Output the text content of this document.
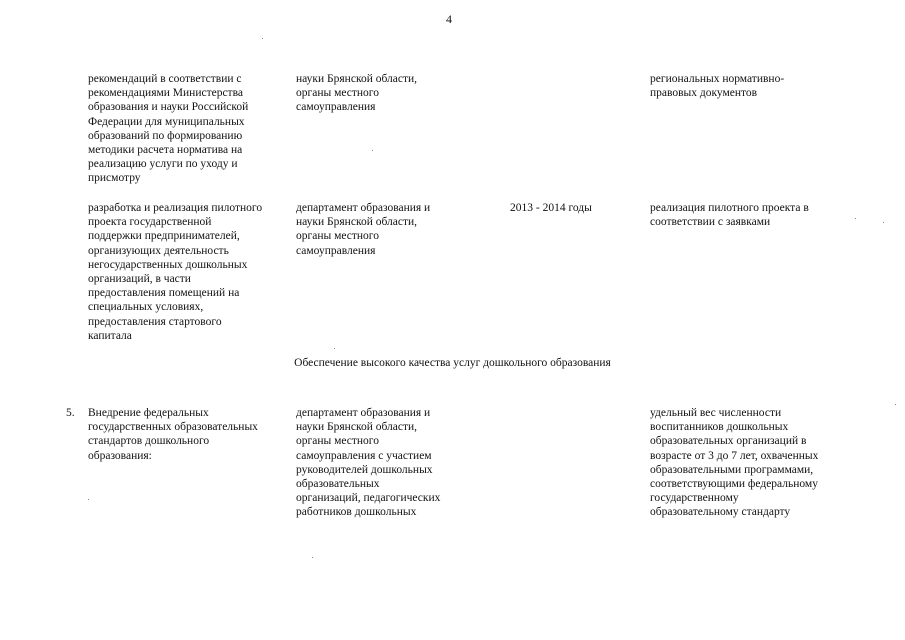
4
рекомендаций в соответствии с
рекомендациями Министерства
образования и науки Российской
Федерации для муниципальных
образований по формированию
методики расчета норматива на
реализацию услуги по уходу и
присмотру
науки Брянской области,
органы местного
самоуправления
региональных нормативно-
правовых документов
разработка и реализация пилотного
проекта государственной
поддержки предпринимателей,
организующих деятельность
негосударственных дошкольных
организаций, в части
предоставления помещений на
специальных условиях,
предоставления стартового
капитала
департамент образования и
науки Брянской области,
органы местного
самоуправления
2013 - 2014 годы	реализация пилотного проекта в
соответствии с заявками
Обеспечение высокого качества услуг дошкольного образования
5. Внедрение федеральных
государственных образовательных
стандартов дошкольного
образования:
департамент образования и
науки Брянской области,
органы местного
самоуправления с участием
руководителей дошкольных
образовательных
организаций, педагогических
работников дошкольных
удельный вес численности
воспитанников дошкольных
образовательных организаций в
возрасте от 3 до 7 лет, охваченных
образовательными программами,
соответствующими федеральному
государственному
образовательному стандарту
